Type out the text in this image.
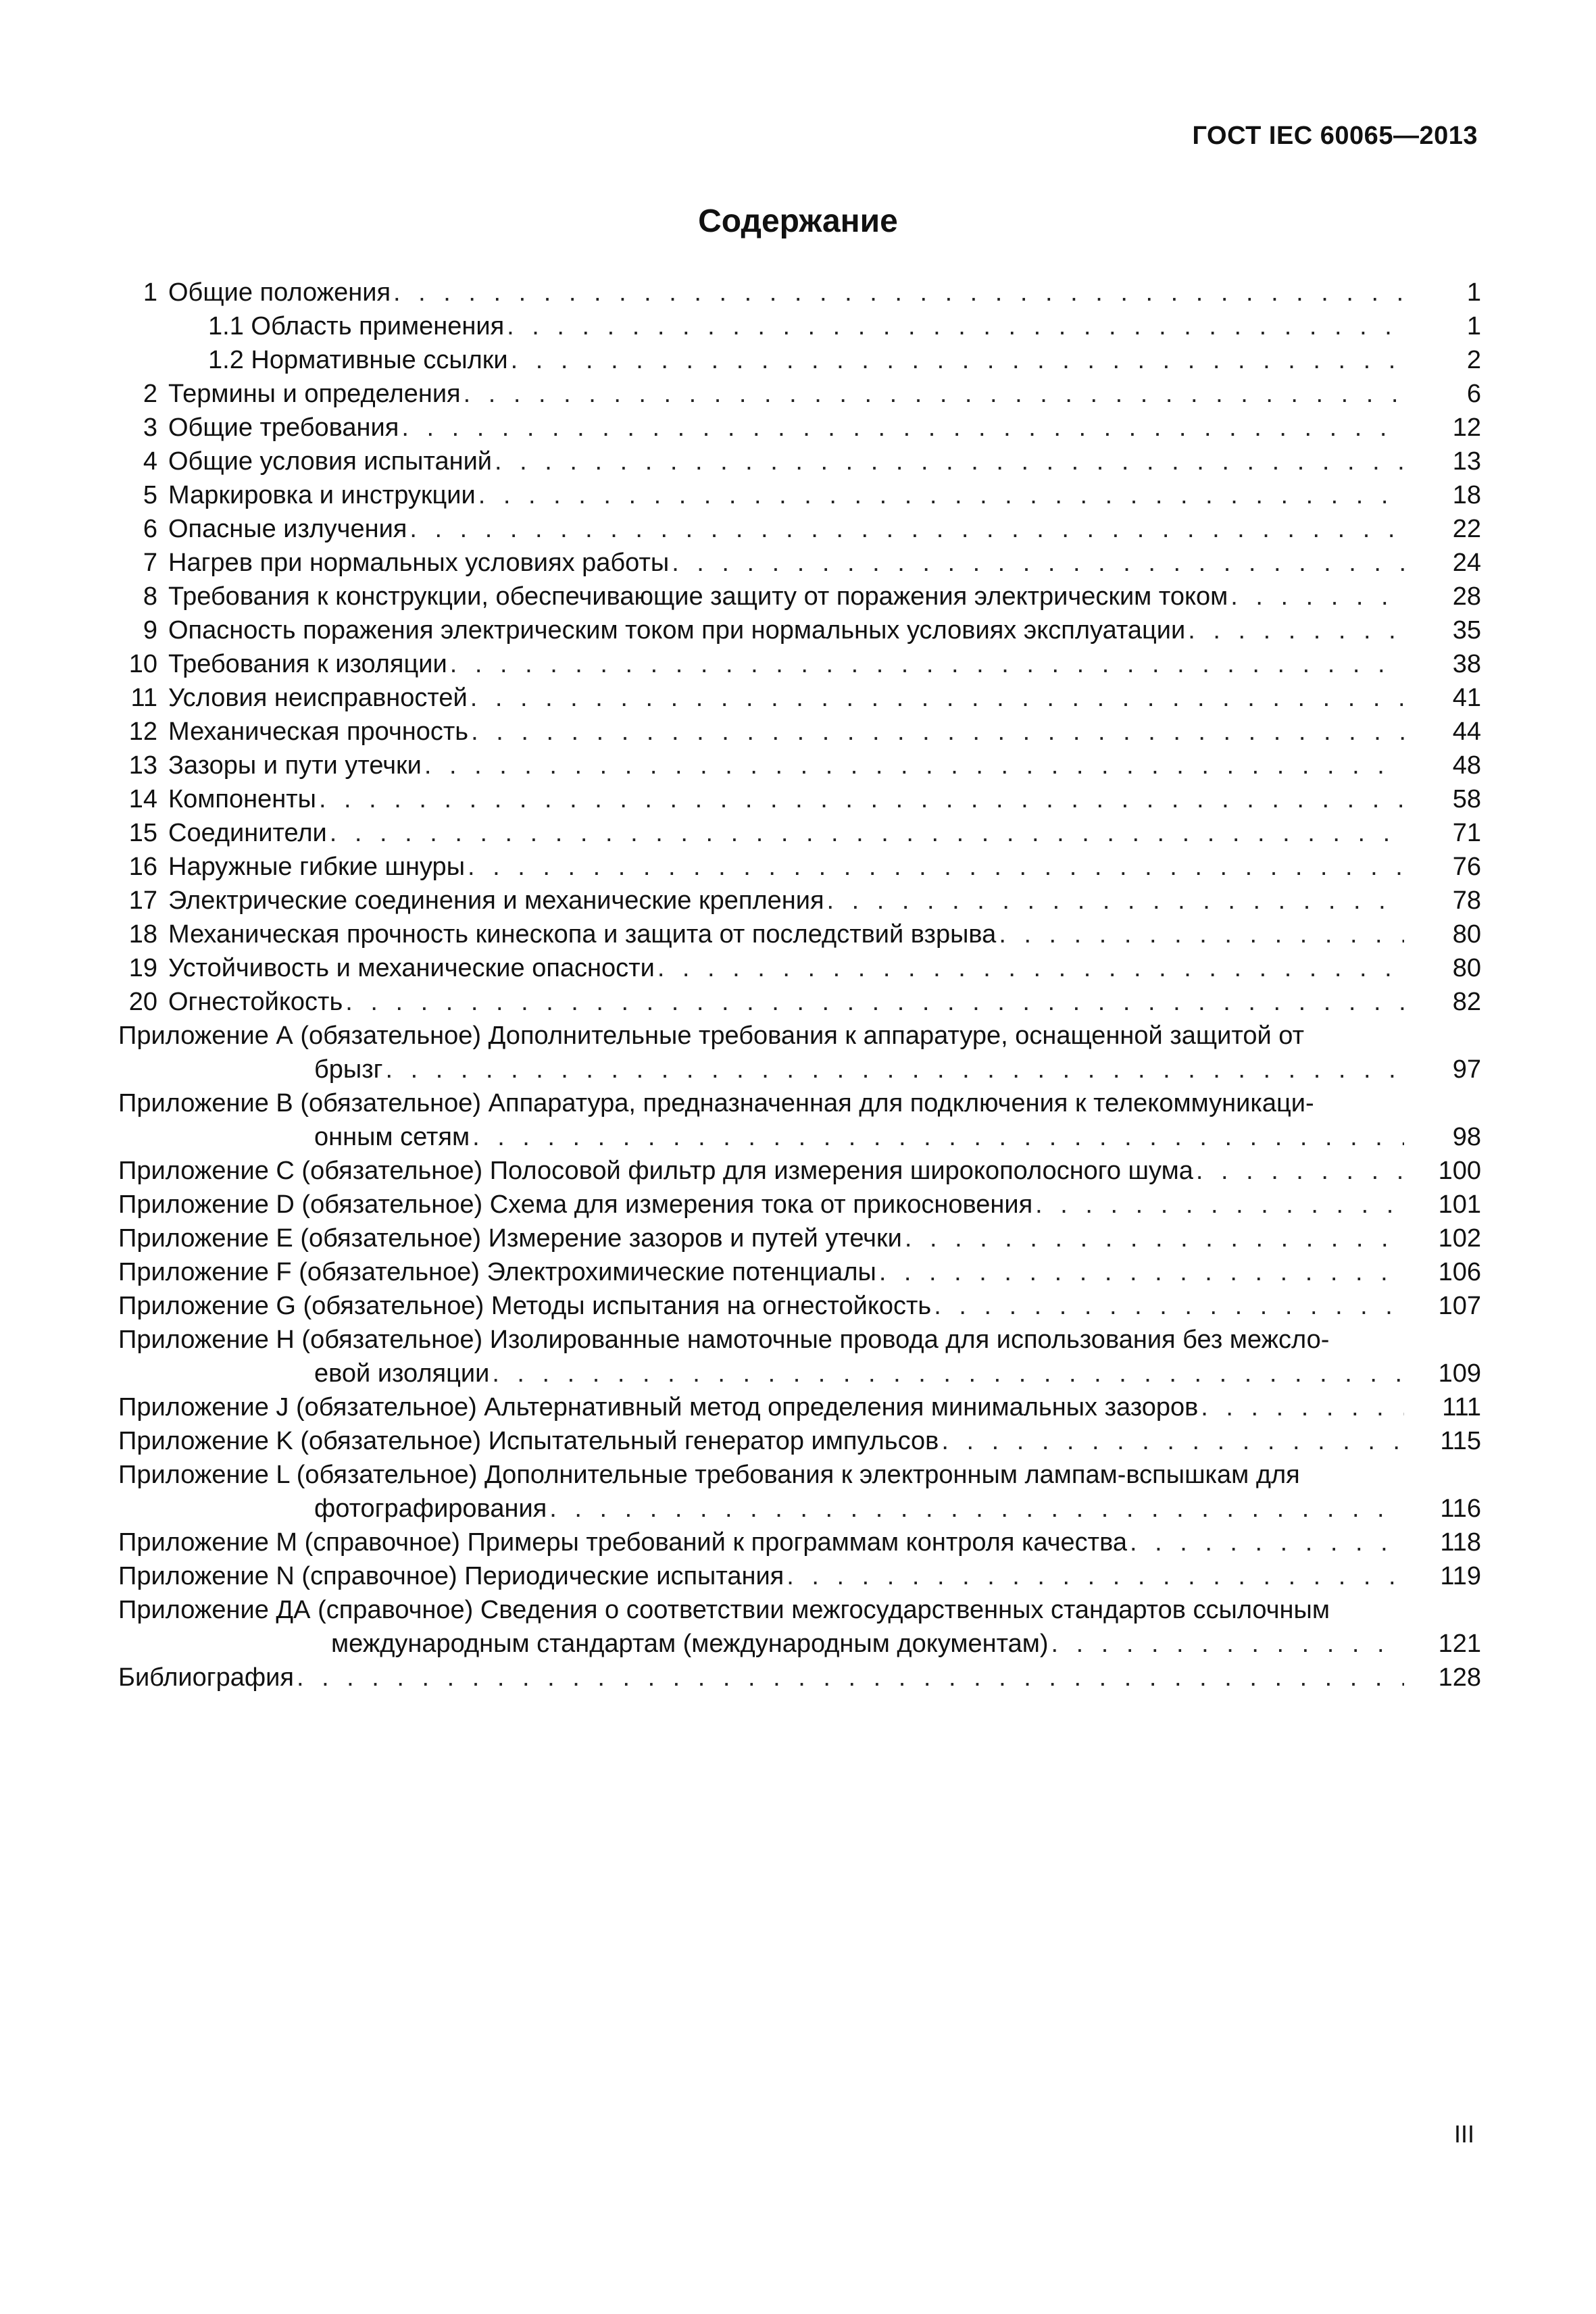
ГОСТ IEC 60065—2013
Содержание
1 Общие положения . . .	1
1.1 Область применения . . .	1
1.2 Нормативные ссылки . . .	2
2 Термины и определения . . .	6
3 Общие требования . . .	12
4 Общие условия испытаний . . .	13
5 Маркировка и инструкции . . .	18
6 Опасные излучения . . .	22
7 Нагрев при нормальных условиях работы . . .	24
8 Требования к конструкции, обеспечивающие защиту от поражения электрическим током . . .	28
9 Опасность поражения электрическим током при нормальных условиях эксплуатации . . .	35
10 Требования к изоляции . . .	38
11 Условия неисправностей . . .	41
12 Механическая прочность . . .	44
13 Зазоры и пути утечки . . .	48
14 Компоненты . . .	58
15 Соединители . . .	71
16 Наружные гибкие шнуры . . .	76
17 Электрические соединения и механические крепления . . .	78
18 Механическая прочность кинескопа и защита от последствий взрыва . . .	80
19 Устойчивость и механические опасности . . .	80
20 Огнестойкость . . .	82
Приложение А (обязательное) Дополнительные требования к аппаратуре, оснащенной защитой от
брызг . . .	97
Приложение B (обязательное) Аппаратура, предназначенная для подключения к телекоммуникаци-
онным сетям . . .	98
Приложение C (обязательное) Полосовой фильтр для измерения широкополосного шума . . .	100
Приложение D (обязательное) Схема для измерения тока от прикосновения . . .	101
Приложение E (обязательное) Измерение зазоров и путей утечки . . .	102
Приложение F (обязательное) Электрохимические потенциалы . . .	106
Приложение G (обязательное) Методы испытания на огнестойкость . . .	107
Приложение H (обязательное) Изолированные намоточные провода для использования без межсло-
евой изоляции . . .	109
Приложение J (обязательное) Альтернативный метод определения минимальных зазоров . . .	111
Приложение K (обязательное) Испытательный генератор импульсов . . .	115
Приложение L (обязательное) Дополнительные требования к электронным лампам-вспышкам для
фотографирования . . .	116
Приложение M (справочное) Примеры требований к программам контроля качества . . .	118
Приложение N (справочное) Периодические испытания . . .	119
Приложение ДА (справочное) Сведения о соответствии межгосударственных стандартов ссылочным
международным стандартам (международным документам) . . .	121
Библиография . . .	128
III
